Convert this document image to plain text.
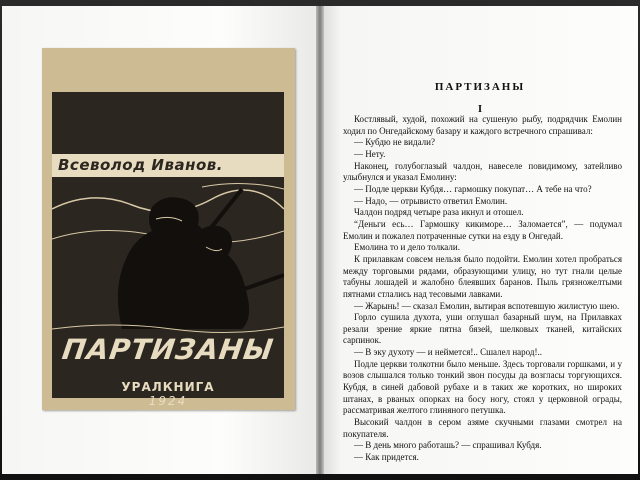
Всеволод Иванов.
ПАРТИЗАНЫ
УРАЛКНИГА
1924
ПАРТИЗАНЫ
I

Костлявый, худой, похожий на сушеную рыбу, подрядчик Емолин ходил по Онгедайскому базару и каждого встречного спрашивал:

— Кубдю не видали?

— Нету.

Наконец, голубоглазый чалдон, навеселе повидимому, затейливо улыбнулся и указал Емолину:

— Подле церкви Кубдя… гармошку покупат… А тебе на что?

— Надо, — отрывисто ответил Емолин.

Чалдон подряд четыре раза икнул и отошел.

“Деньги есь… Гармошку кикиморе… Заломается”, — подумал Емолин и пожалел потраченные сутки на езду в Онгедай.

Емолина то и дело толкали.

К прилавкам совсем нельзя было подойти. Емолин хотел пробраться между торговыми рядами, образующими улицу, но тут гнали целые табуны лошадей и жалобно блеявших баранов. Пыль грязножелтыми пятнами стлались над тесовыми лавками.

— Жарынь! — сказал Емолин, вытирая вспотевшую жилистую шею.

Горло сушила духота, уши оглушал базарный шум, на Прилавках резали зрение яркие пятна бязей, шелковых тканей, китайских сарпинок.

— В эку духоту — и неймется!.. Сшалел народ!..

Подле церкви толкотни было меньше. Здесь торговали горшками, и у возов слышался только тонкий звон посуды да возгласы торгующихся. Кубдя, в синей дабовой рубахе и в таких же коротких, но широких штанах, в рваных опорках на босу ногу, стоял у церковной ограды, рассматривая желтого глиняного петушка.

Высокий чалдон в сером азяме скучными глазами смотрел на покупателя.

— В день много работашь? — спрашивал Кубдя.

— Как придется.
